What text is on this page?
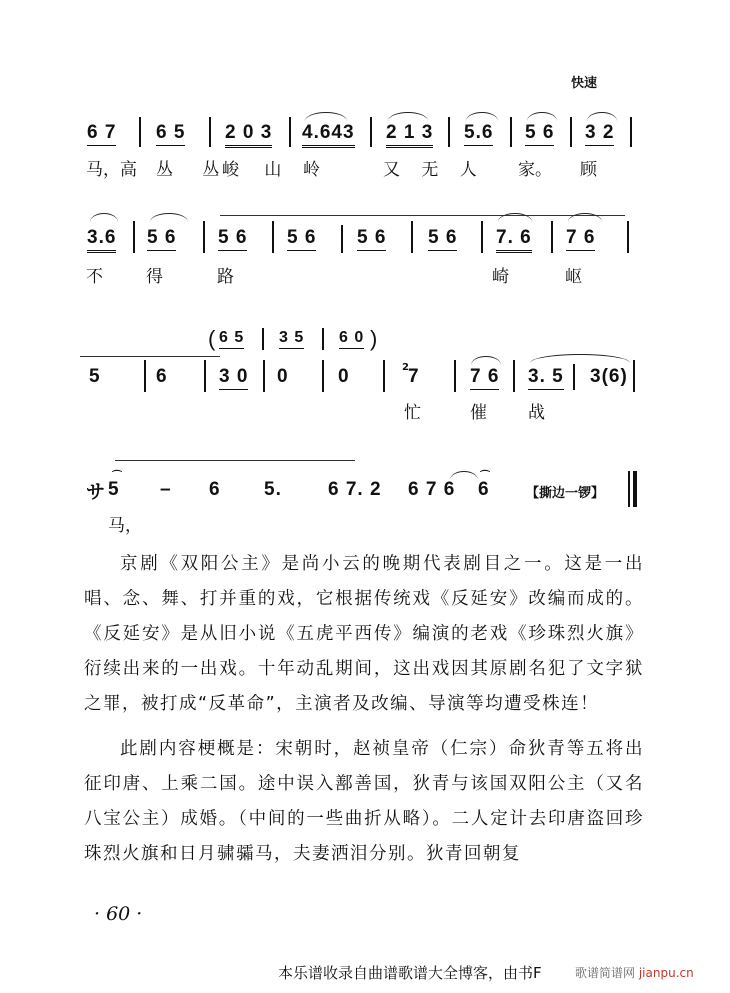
快速
6 7 6 5 2 0 3 4.643 2 1 3 5.6 5 6 3 2
马，高 丛 丛
峻 山 岭	又 无 人 家。 顾
3.6 5 6 5 6 5 6 5 6 5 6 7. 6 7 6
不	得	路	崎	岖
( 6 5 3 5 6 0 )
5	6	3 0 0	0	2 7	7 6 3. 5 3(6)
忙	催 战
サ
⌒
5 – 6 5. 6 7. 2 6 7 6
⌒
6	【撕边一锣】
马，

京剧《双阳公主》是尚小云的晚期代表剧目之一。这是一出唱、念、舞、打并重的戏，它根据传统戏《反延安》改编而成的。《反延安》是从旧小说《五虎平西传》编演的老戏《珍珠烈火旗》衍续出来的一出戏。十年动乱期间，这出戏因其原剧名犯了文字狱之罪，被打成“反革命”，主演者及改编、导演等均遭受株连！

此剧内容梗概是：宋朝时，赵祯皇帝（仁宗）命狄青等五将出征印唐、上乘二国。途中误入鄯善国，狄青与该国双阳公主（又名八宝公主）成婚。（中间的一些曲折从略）。二人定计去印唐盗回珍珠烈火旗和日月骕骦马，夫妻洒泪分别。狄青回朝复

· 60 ·
本乐谱收录自曲谱歌谱大全博客，由书F	歌谱简谱网 jianpu.cn
